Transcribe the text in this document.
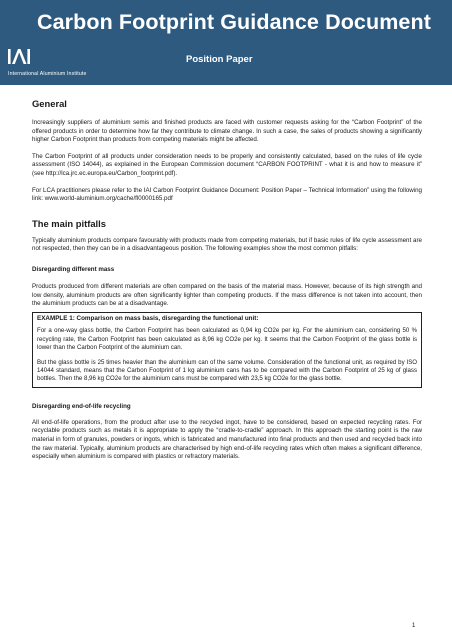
Carbon Footprint Guidance Document
Position Paper
International Aluminium Institute
General

Increasingly suppliers of aluminium semis and finished products are faced with customer requests asking for the “Carbon Footprint” of the offered products in order to determine how far they contribute to climate change. In such a case, the sales of products showing a significantly higher Carbon Footprint than products from competing materials might be affected.

The Carbon Footprint of all products under consideration needs to be properly and consistently calculated, based on the rules of life cycle assessment (ISO 14044), as explained in the European Commission document “CARBON FOOTPRINT - what it is and how to measure it” (see http://lca.jrc.ec.europa.eu/Carbon_footprint.pdf).

For LCA practitioners please refer to the IAI Carbon Footprint Guidance Document: Position Paper – Technical Information” using the following link: www.world-aluminium.org/cache/fl0000165.pdf

The main pitfalls

Typically aluminium products compare favourably with products made from competing materials, but if basic rules of life cycle assessment are not respected, then they can be in a disadvantageous position. The following examples show the most common pitfalls:

Disregarding different mass

Products produced from different materials are often compared on the basis of the material mass. However, because of its high strength and low density, aluminium products are often significantly lighter than competing products. If the mass difference is not taken into account, then the aluminium products can be at a disadvantage.

EXAMPLE 1: Comparison on mass basis, disregarding the functional unit:

For a one-way glass bottle, the Carbon Footprint has been calculated as 0,94 kg CO2e per kg. For the aluminium can, considering 50 % recycling rate, the Carbon Footprint has been calculated as 8,96 kg CO2e per kg. It seems that the Carbon Footprint of the glass bottle is lower than the Carbon Footprint of the aluminium can.

But the glass bottle is 25 times heavier than the aluminium can of the same volume. Consideration of the functional unit, as required by ISO 14044 standard, means that the Carbon Footprint of 1 kg aluminium cans has to be compared with the Carbon Footprint of 25 kg of glass bottles. Then the 8,96 kg CO2e for the aluminium cans must be compared with 23,5 kg CO2e for the glass bottle.

Disregarding end-of-life recycling

All end-of-life operations, from the product after use to the recycled ingot, have to be considered, based on expected recycling rates. For recyclable products such as metals it is appropriate to apply the “cradle-to-cradle” approach. In this approach the starting point is the raw material in form of granules, powders or ingots, which is fabricated and manufactured into final products and then used and recycled back into the raw material. Typically, aluminium products are characterised by high end-of-life recycling rates which often makes a significant difference, especially when aluminium is compared with plastics or refractory materials.

1
